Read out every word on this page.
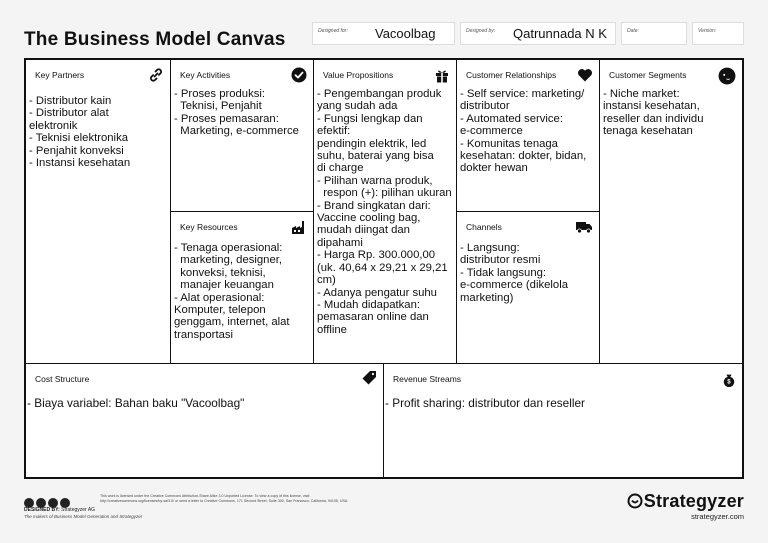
The Business Model Canvas	Designed for: Vacoolbag	Designed by: Qatrunnada N K	Date:	Version:
Key Partners
- Distributor kain
- Distributor alat
elektronik
- Teknisi elektronika
- Penjahit konveksi
- Instansi kesehatan
Key Activities
- Proses produksi:
Teknisi, Penjahit
- Proses pemasaran:
Marketing, e-commerce
Key Resources
- Tenaga operasional:
marketing, designer,
konveksi, teknisi,
manajer keuangan
- Alat operasional:
Komputer, telepon
genggam, internet, alat
transportasi
Value Propositions
- Pengembangan produk
yang sudah ada
- Fungsi lengkap dan
efektif:
pendingin elektrik, led
suhu, baterai yang bisa
di charge
- Pilihan warna produk,
respon (+): pilihan ukuran
- Brand singkatan dari:
Vaccine cooling bag,
mudah diingat dan
dipahami
- Harga Rp. 300.000,00
(uk. 40,64 x 29,21 x 29,21
cm)
- Adanya pengatur suhu
- Mudah didapatkan:
pemasaran online dan
offline
Customer Relationships
- Self service: marketing/
distributor
- Automated service:
e-commerce
- Komunitas tenaga
kesehatan: dokter, bidan,
dokter hewan
Channels
- Langsung:
distributor resmi
- Tidak langsung:
e-commerce (dikelola
marketing)
Customer Segments
- Niche market:
instansi kesehatan,
reseller dan individu
tenaga kesehatan
Cost Structure
- Biaya variabel: Bahan baku "Vacoolbag"
Revenue Streams	$
- Profit sharing: distributor dan reseller
This work is licensed under the Creative Commons Attribution-Share Alike 3.0 Unported License. To view a copy of this license, visit: http://creativecommons.org/licenses/by-sa/3.0/ or send a letter to Creative Commons, 171 Second Street, Suite 300, San Francisco, California, 94105, USA.
DESIGNED BY: Strategyzer AG
The makers of Business Model Generation and Strategyzer
Strategyzer
strategyzer.com
